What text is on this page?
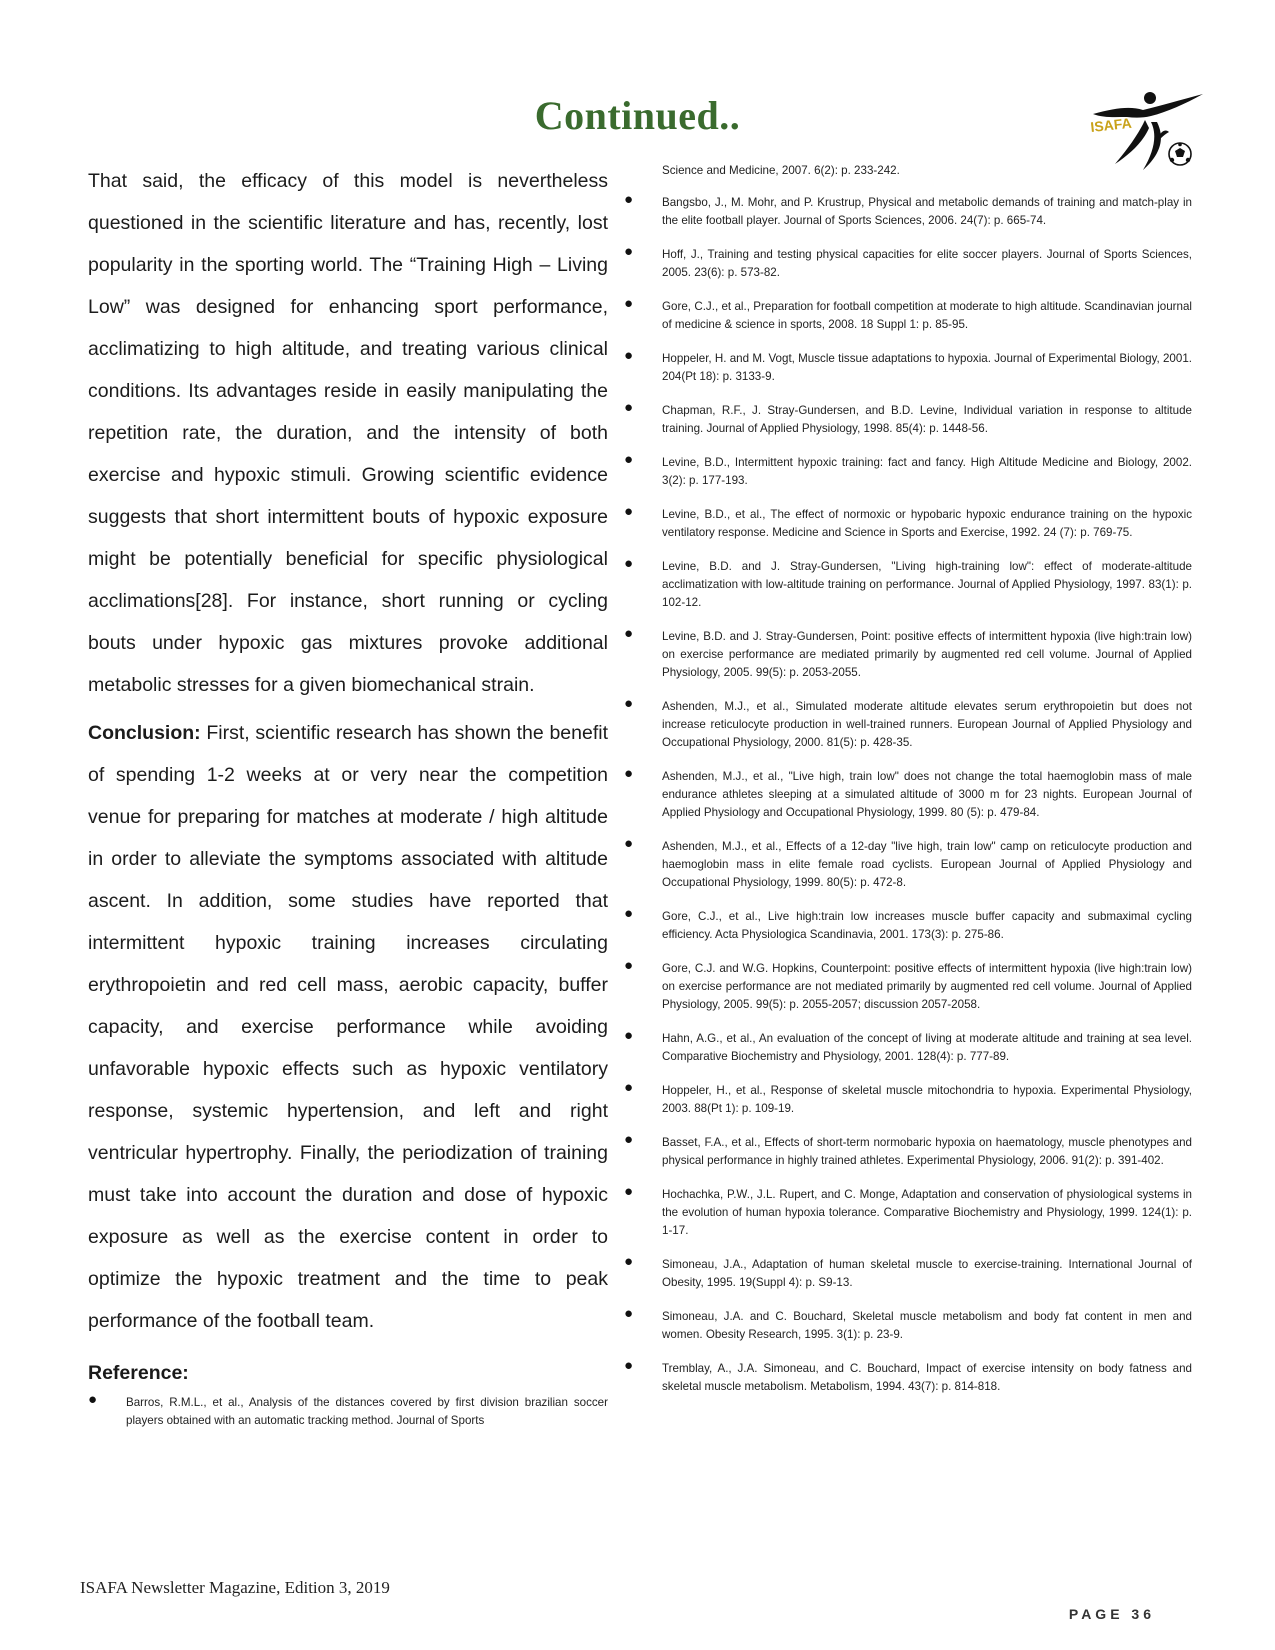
Continued..	ISAFA

That said, the efficacy of this model is nevertheless questioned in the scientific literature and has, recently, lost popularity in the sporting world. The “Training High – Living Low” was designed for enhancing sport performance, acclimatizing to high altitude, and treating various clinical conditions. Its advantages reside in easily manipulating the repetition rate, the duration, and the intensity of both exercise and hypoxic stimuli. Growing scientific evidence suggests that short intermittent bouts of hypoxic exposure might be potentially beneficial for specific physiological acclimations[28]. For instance, short running or cycling bouts under hypoxic gas mixtures provoke additional metabolic stresses for a given biomechanical strain.

Conclusion: First, scientific research has shown the benefit of spending 1-2 weeks at or very near the competition venue for preparing for matches at moderate / high altitude in order to alleviate the symptoms associated with altitude ascent. In addition, some studies have reported that intermittent hypoxic training increases circulating erythropoietin and red cell mass, aerobic capacity, buffer capacity, and exercise performance while avoiding unfavorable hypoxic effects such as hypoxic ventilatory response, systemic hypertension, and left and right ventricular hypertrophy. Finally, the periodization of training must take into account the duration and dose of hypoxic exposure as well as the exercise content in order to optimize the hypoxic treatment and the time to peak performance of the football team.

Reference:
● Barros, R.M.L., et al., Analysis of the distances covered by first division brazilian soccer players obtained with an automatic tracking method. Journal of Sports

Science and Medicine, 2007. 6(2): p. 233-242.

● Bangsbo, J., M. Mohr, and P. Krustrup, Physical and metabolic demands of training and match-play in the elite football player. Journal of Sports Sciences, 2006. 24(7): p. 665-74.
● Hoff, J., Training and testing physical capacities for elite soccer players. Journal of Sports Sciences, 2005. 23(6): p. 573-82.
● Gore, C.J., et al., Preparation for football competition at moderate to high altitude. Scandinavian journal of medicine & science in sports, 2008. 18 Suppl 1: p. 85-95.
● Hoppeler, H. and M. Vogt, Muscle tissue adaptations to hypoxia. Journal of Experimental Biology, 2001. 204(Pt 18): p. 3133-9.
● Chapman, R.F., J. Stray-Gundersen, and B.D. Levine, Individual variation in response to altitude training. Journal of Applied Physiology, 1998. 85(4): p. 1448-56.
● Levine, B.D., Intermittent hypoxic training: fact and fancy. High Altitude Medicine and Biology, 2002. 3(2): p. 177-193.
● Levine, B.D., et al., The effect of normoxic or hypobaric hypoxic endurance training on the hypoxic ventilatory response. Medicine and Science in Sports and Exercise, 1992. 24 (7): p. 769-75.
● Levine, B.D. and J. Stray-Gundersen, "Living high-training low": effect of moderate-altitude acclimatization with low-altitude training on performance. Journal of Applied Physiology, 1997. 83(1): p. 102-12.
● Levine, B.D. and J. Stray-Gundersen, Point: positive effects of intermittent hypoxia (live high:train low) on exercise performance are mediated primarily by augmented red cell volume. Journal of Applied Physiology, 2005. 99(5): p. 2053-2055.
● Ashenden, M.J., et al., Simulated moderate altitude elevates serum erythropoietin but does not increase reticulocyte production in well-trained runners. European Journal of Applied Physiology and Occupational Physiology, 2000. 81(5): p. 428-35.
● Ashenden, M.J., et al., "Live high, train low" does not change the total haemoglobin mass of male endurance athletes sleeping at a simulated altitude of 3000 m for 23 nights. European Journal of Applied Physiology and Occupational Physiology, 1999. 80 (5): p. 479-84.
● Ashenden, M.J., et al., Effects of a 12-day "live high, train low" camp on reticulocyte production and haemoglobin mass in elite female road cyclists. European Journal of Applied Physiology and Occupational Physiology, 1999. 80(5): p. 472-8.
● Gore, C.J., et al., Live high:train low increases muscle buffer capacity and submaximal cycling efficiency. Acta Physiologica Scandinavia, 2001. 173(3): p. 275-86.
● Gore, C.J. and W.G. Hopkins, Counterpoint: positive effects of intermittent hypoxia (live high:train low) on exercise performance are not mediated primarily by augmented red cell volume. Journal of Applied Physiology, 2005. 99(5): p. 2055-2057; discussion 2057-2058.
● Hahn, A.G., et al., An evaluation of the concept of living at moderate altitude and training at sea level. Comparative Biochemistry and Physiology, 2001. 128(4): p. 777-89.
● Hoppeler, H., et al., Response of skeletal muscle mitochondria to hypoxia. Experimental Physiology, 2003. 88(Pt 1): p. 109-19.
● Basset, F.A., et al., Effects of short-term normobaric hypoxia on haematology, muscle phenotypes and physical performance in highly trained athletes. Experimental Physiology, 2006. 91(2): p. 391-402.
● Hochachka, P.W., J.L. Rupert, and C. Monge, Adaptation and conservation of physiological systems in the evolution of human hypoxia tolerance. Comparative Biochemistry and Physiology, 1999. 124(1): p. 1-17.
● Simoneau, J.A., Adaptation of human skeletal muscle to exercise-training. International Journal of Obesity, 1995. 19(Suppl 4): p. S9-13.
● Simoneau, J.A. and C. Bouchard, Skeletal muscle metabolism and body fat content in men and women. Obesity Research, 1995. 3(1): p. 23-9.
● Tremblay, A., J.A. Simoneau, and C. Bouchard, Impact of exercise intensity on body fatness and skeletal muscle metabolism. Metabolism, 1994. 43(7): p. 814-818.
ISAFA Newsletter Magazine, Edition 3, 2019
PAGE 36
